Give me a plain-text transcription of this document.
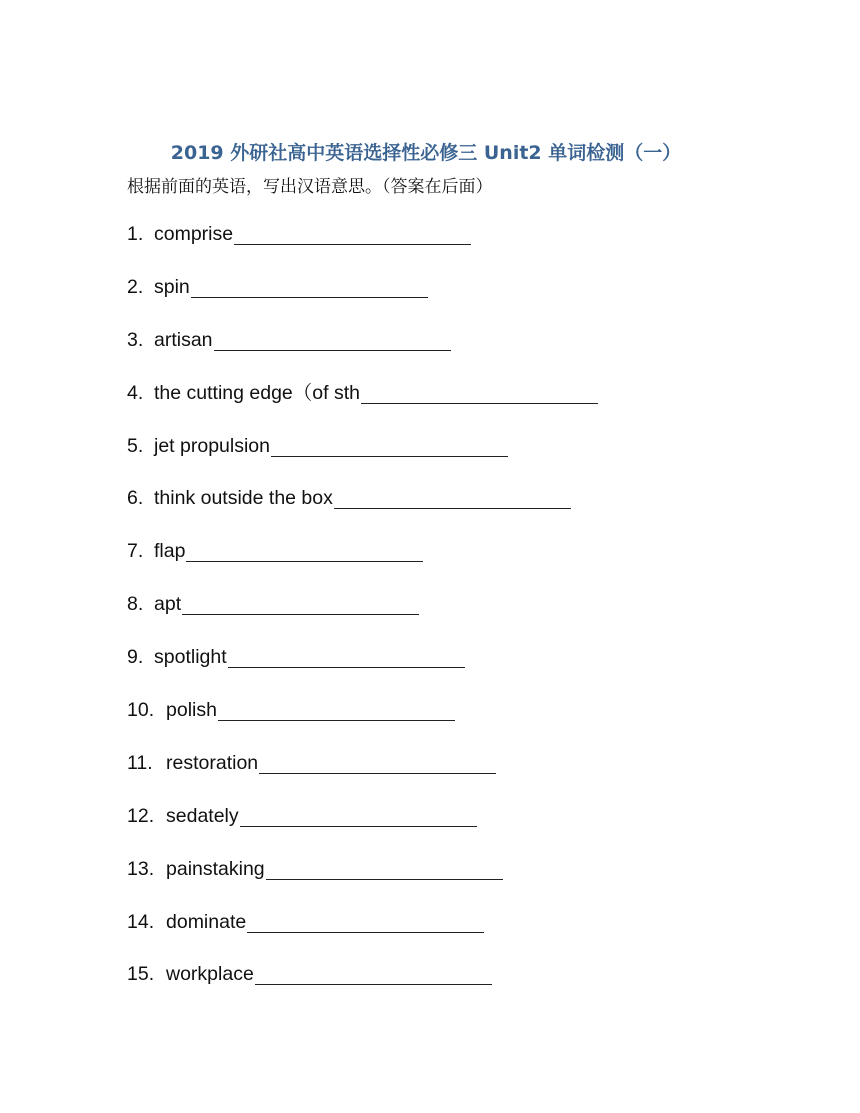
2019 外研社高中英语选择性必修三 Unit2 单词检测（一）
根据前面的英语，写出汉语意思。（答案在后面）
1. comprise
2. spin
3. artisan
4. the cutting edge（of sth
5. jet propulsion
6. think outside the box
7. flap
8. apt
9. spotlight
10. polish
11. restoration
12. sedately
13. painstaking
14. dominate
15. workplace
